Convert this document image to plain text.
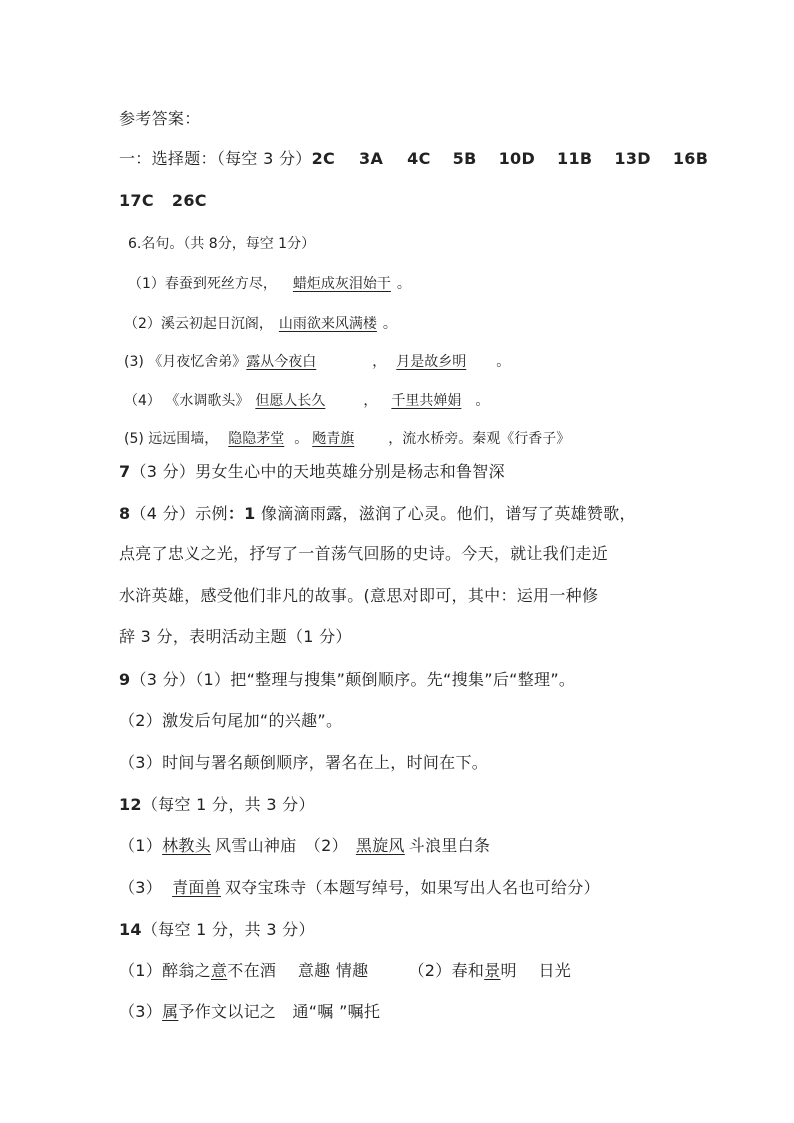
参考答案：
一：选择题：（每空 3 分）2C 3A 4C 5B 10D 11B 13D 16B
17C 26C
6.名句。（共 8分，每空 1分）
（1）春蚕到死丝方尽， 蜡炬成灰泪始干 。
（2）溪云初起日沉阁， 山雨欲来风满楼 。
(3) 《月夜忆舍弟》露从今夜白	， 月是故乡明 。
（4） 《水调歌头》 但愿人长久	， 千里共婵娟 。
(5) 远远围墙， 隐隐茅堂 。 飏青旗 ，流水桥旁。秦观《行香子》
7（3 分）男女生心中的天地英雄分别是杨志和鲁智深
8（4 分）示例：1 像滴滴雨露，滋润了心灵。他们，谱写了英雄赞歌，
点亮了忠义之光，抒写了一首荡气回肠的史诗。今天，就让我们走近
水浒英雄，感受他们非凡的故事。(意思对即可，其中：运用一种修
辞 3 分，表明活动主题（1 分）
9（3 分）（1）把“整理与搜集”颠倒顺序。先“搜集”后“整理”。
（2）激发后句尾加“的兴趣”。
（3）时间与署名颠倒顺序，署名在上，时间在下。
12（每空 1 分，共 3 分）
（1）林教头 风雪山神庙　（2） 黑旋风 斗浪里白条
（3） 青面兽 双夺宝珠寺（本题写绰号，如果写出人名也可给分）
14（每空 1 分，共 3 分）
（1）醉翁之意不在酒　 意趣 情趣	（2）春和景明　 日光
（3）属予作文以记之　通“嘱 ”嘱托
